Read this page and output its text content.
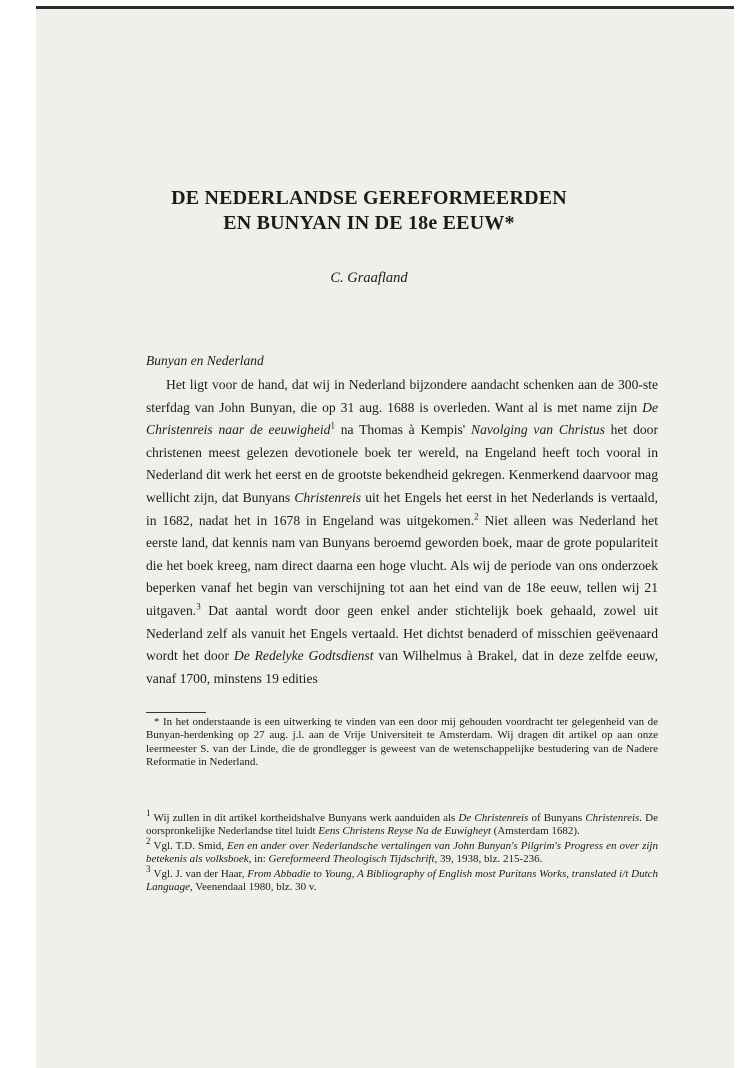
DE NEDERLANDSE GEREFORMEERDEN
EN BUNYAN IN DE 18e EEUW*

C. Graafland

Bunyan en Nederland

Het ligt voor de hand, dat wij in Nederland bijzondere aandacht schenken aan de 300-ste sterfdag van John Bunyan, die op 31 aug. 1688 is overleden. Want al is met name zijn De Christenreis naar de eeuwigheid$^1$ na Thomas à Kempis' Navolging van Christus het door christenen meest gelezen devotionele boek ter wereld, na Engeland heeft toch vooral in Nederland dit werk het eerst en de grootste bekendheid gekregen. Kenmerkend daarvoor mag wellicht zijn, dat Bunyans Christenreis uit het Engels het eerst in het Nederlands is vertaald, in 1682, nadat het in 1678 in Engeland was uitgekomen.$^2$ Niet alleen was Nederland het eerste land, dat kennis nam van Bunyans beroemd geworden boek, maar de grote populariteit die het boek kreeg, nam direct daarna een hoge vlucht. Als wij de periode van ons onderzoek beperken vanaf het begin van verschijning tot aan het eind van de 18e eeuw, tellen wij 21 uitgaven.$^3$ Dat aantal wordt door geen enkel ander stichtelijk boek gehaald, zowel uit Nederland zelf als vanuit het Engels vertaald. Het dichtst benaderd of misschien geëvenaard wordt het door De Redelyke Godtsdienst van Wilhelmus à Brakel, dat in deze zelfde eeuw, vanaf 1700, minstens 19 edities

* In het onderstaande is een uitwerking te vinden van een door mij gehouden voordracht ter gelegenheid van de Bunyan-herdenking op 27 aug. j.l. aan de Vrije Universiteit te Amsterdam. Wij dragen dit artikel op aan onze leermeester S. van der Linde, die de grondlegger is geweest van de wetenschappelijke bestudering van de Nadere Reformatie in Nederland.

$^1$ Wij zullen in dit artikel kortheidshalve Bunyans werk aanduiden als De Christenreis of Bunyans Christenreis. De oorspronkelijke Nederlandse titel luidt Eens Christens Reyse Na de Euwigheyt (Amsterdam 1682).

$^2$ Vgl. T.D. Smid, Een en ander over Nederlandsche vertalingen van John Bunyan's Pilgrim's Progress en over zijn betekenis als volksboek, in: Gereformeerd Theologisch Tijdschrift, 39, 1938, blz. 215-236.

$^3$ Vgl. J. van der Haar, From Abbadie to Young, A Bibliography of English most Puritans Works, translated i/t Dutch Language, Veenendaal 1980, blz. 30 v.
